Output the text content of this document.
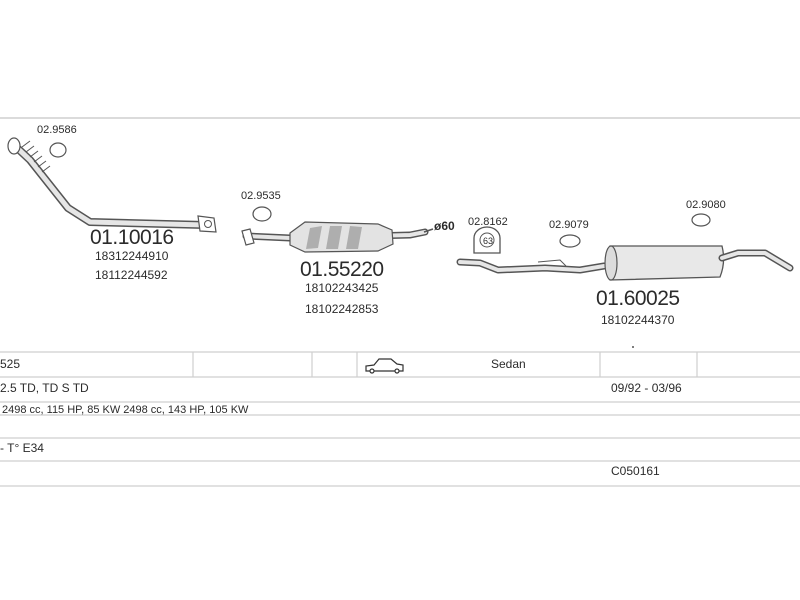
02.9586
02.9535
02.8162	02.9079
02.9080
63
ø60
01.10016
18312244910
18112244592	01.55220
18102243425
18102242853	01.60025
18102244370
525	Sedan
2.5 TD, TD S TD	09/92 - 03/96
2498 cc, 115 HP, 85 KW 2498 cc, 143 HP, 105 KW
- T° E34
C050161
